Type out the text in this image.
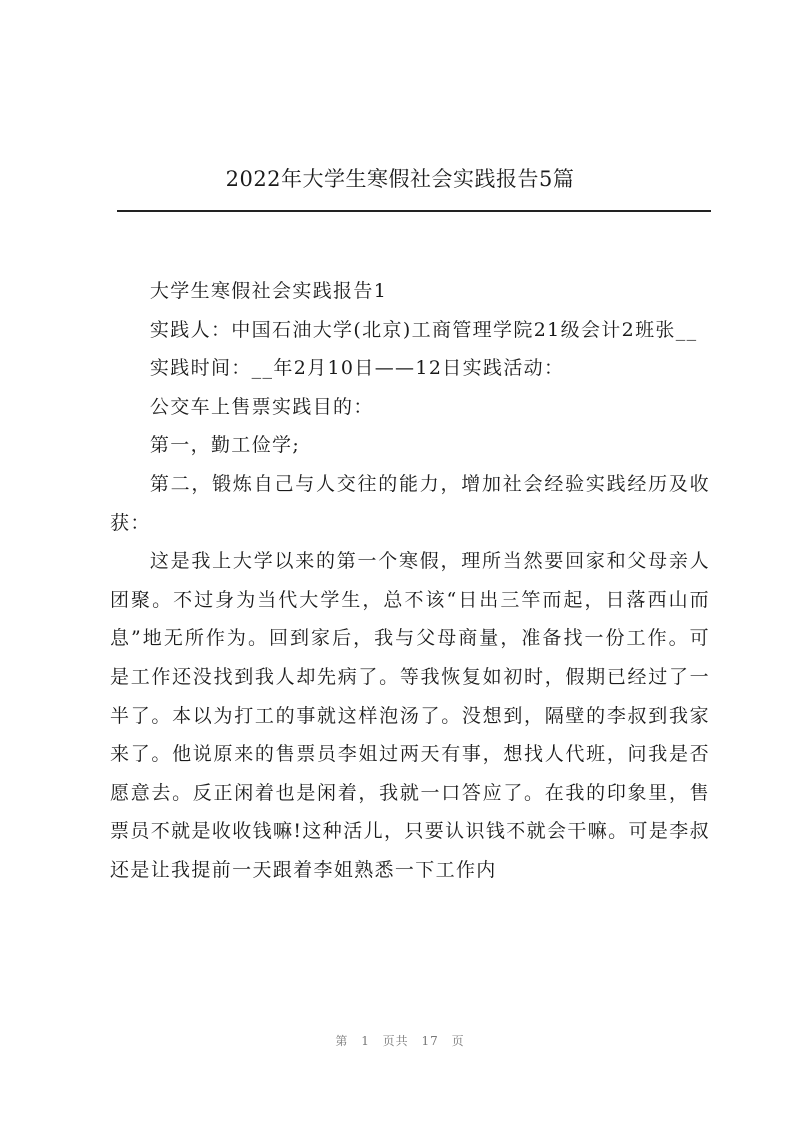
2022年大学生寒假社会实践报告5篇

大学生寒假社会实践报告1

实践人：中国石油大学(北京)工商管理学院21级会计2班张__

实践时间：__年2月10日——12日实践活动：

公交车上售票实践目的：

第一，勤工俭学;

第二，锻炼自己与人交往的能力，增加社会经验实践经历及收获：

这是我上大学以来的第一个寒假，理所当然要回家和父母亲人团聚。不过身为当代大学生，总不该“日出三竿而起，日落西山而息”地无所作为。回到家后，我与父母商量，准备找一份工作。可是工作还没找到我人却先病了。等我恢复如初时，假期已经过了一半了。本以为打工的事就这样泡汤了。没想到，隔壁的李叔到我家来了。他说原来的售票员李姐过两天有事，想找人代班，问我是否愿意去。反正闲着也是闲着，我就一口答应了。在我的印象里，售票员不就是收收钱嘛!这种活儿，只要认识钱不就会干嘛。可是李叔还是让我提前一天跟着李姐熟悉一下工作内

第 1 页共 17 页
